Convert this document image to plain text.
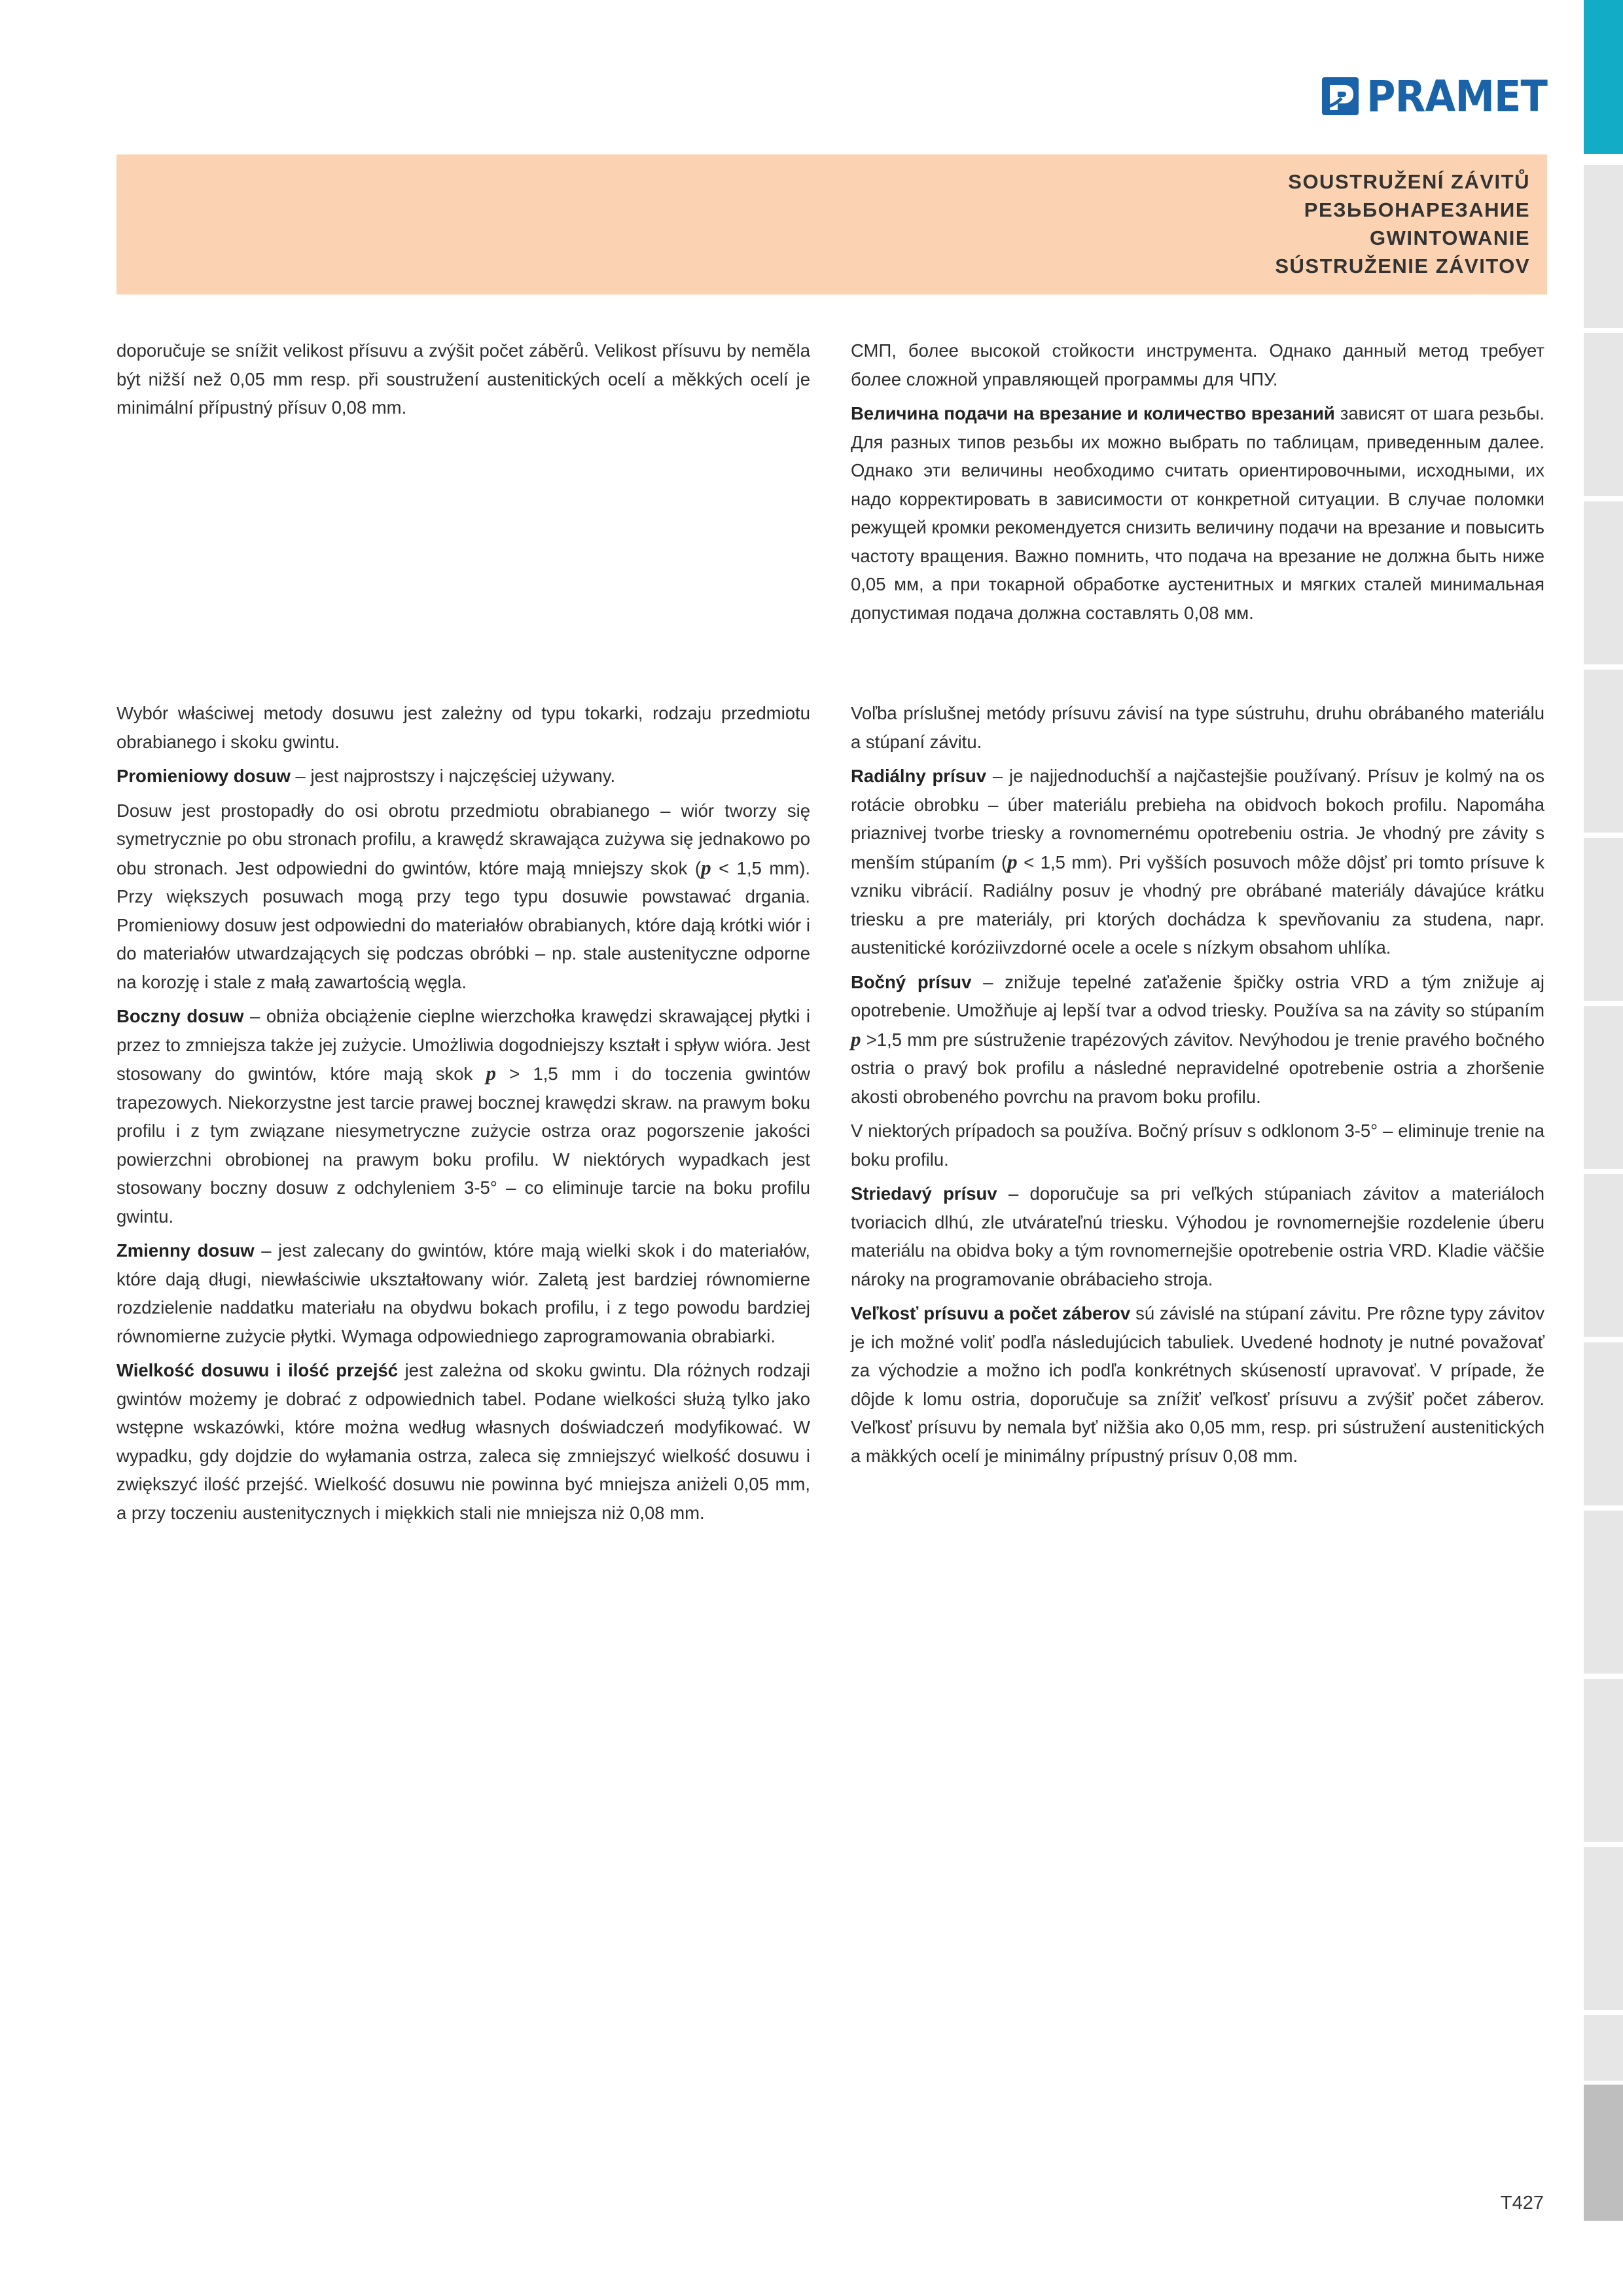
PRAMET
SOUSTRUŽENÍ ZÁVITŮ
РЕЗЬБОНАРЕЗАНИЕ
GWINTOWANIE
SÚSTRUŽENIE ZÁVITOV

doporučuje se snížit velikost přísuvu a zvýšit počet záběrů. Velikost přísuvu by neměla být nižší než 0,05 mm resp. při soustružení austenitických ocelí a měkkých ocelí je minimální přípustný přísuv 0,08 mm.

СМП, более высокой стойкости инструмента. Однако данный метод требует более сложной управляющей программы для ЧПУ.

Величина подачи на врезание и количество врезаний зависят от шага резьбы. Для разных типов резьбы их можно выбрать по таблицам, приведенным далее. Однако эти величины необходимо считать ориентировочными, исходными, их надо корректировать в зависимости от конкретной ситуации. В случае поломки режущей кромки рекомендуется снизить величину подачи на врезание и повысить частоту вращения. Важно помнить, что подача на врезание не должна быть ниже 0,05 мм, а при токарной обработке аустенитных и мягких сталей минимальная допустимая подача должна составлять 0,08 мм.

Wybór właściwej metody dosuwu jest zależny od typu tokarki, rodzaju przedmiotu obrabianego i skoku gwintu.

Promieniowy dosuw – jest najprostszy i najczęściej używany.

Dosuw jest prostopadły do osi obrotu przedmiotu obrabianego – wiór tworzy się symetrycznie po obu stronach profilu, a krawędź skrawająca zużywa się jednakowo po obu stronach. Jest odpowiedni do gwintów, które mają mniejszy skok (p < 1,5 mm). Przy większych posuwach mogą przy tego typu dosuwie powstawać drgania. Promieniowy dosuw jest odpowiedni do materiałów obrabianych, które dają krótki wiór i do materiałów utwardzających się podczas obróbki – np. stale austenityczne odporne na korozję i stale z małą zawartością węgla.

Boczny dosuw – obniża obciążenie cieplne wierzchołka krawędzi skrawającej płytki i przez to zmniejsza także jej zużycie. Umożliwia dogodniejszy kształt i spływ wióra. Jest stosowany do gwintów, które mają skok p > 1,5 mm i do toczenia gwintów trapezowych. Niekorzystne jest tarcie prawej bocznej krawędzi skraw. na prawym boku profilu i z tym związane niesymetryczne zużycie ostrza oraz pogorszenie jakości powierzchni obrobionej na prawym boku profilu. W niektórych wypadkach jest stosowany boczny dosuw z odchyleniem 3-5° – co eliminuje tarcie na boku profilu gwintu.

Zmienny dosuw – jest zalecany do gwintów, które mają wielki skok i do materiałów, które dają długi, niewłaściwie ukształtowany wiór. Zaletą jest bardziej równomierne rozdzielenie naddatku materiału na obydwu bokach profilu, i z tego powodu bardziej równomierne zużycie płytki. Wymaga odpowiedniego zaprogramowania obrabiarki.

Wielkość dosuwu i ilość przejść jest zależna od skoku gwintu. Dla różnych rodzaji gwintów możemy je dobrać z odpowiednich tabel. Podane wielkości służą tylko jako wstępne wskazówki, które można według własnych doświadczeń modyfikować. W wypadku, gdy dojdzie do wyłamania ostrza, zaleca się zmniejszyć wielkość dosuwu i zwiększyć ilość przejść. Wielkość dosuwu nie powinna być mniejsza aniżeli 0,05 mm, a przy toczeniu austenitycznych i miękkich stali nie mniejsza niż 0,08 mm.

Voľba príslušnej metódy prísuvu závisí na type sústruhu, druhu obrábaného materiálu a stúpaní závitu.

Radiálny prísuv – je najjednoduchší a najčastejšie používaný. Prísuv je kolmý na os rotácie obrobku – úber materiálu prebieha na obidvoch bokoch profilu. Napomáha priaznivej tvorbe triesky a rovnomernému opotrebeniu ostria. Je vhodný pre závity s menším stúpaním (p < 1,5 mm). Pri vyšších posuvoch môže dôjsť pri tomto prísuve k vzniku vibrácií. Radiálny posuv je vhodný pre obrábané materiály dávajúce krátku triesku a pre materiály, pri ktorých dochádza k spevňovaniu za studena, napr. austenitické koróziivzdorné ocele a ocele s nízkym obsahom uhlíka.

Bočný prísuv – znižuje tepelné zaťaženie špičky ostria VRD a tým znižuje aj opotrebenie. Umožňuje aj lepší tvar a odvod triesky. Používa sa na závity so stúpaním p >1,5 mm pre sústruženie trapézových závitov. Nevýhodou je trenie pravého bočného ostria o pravý bok profilu a následné nepravidelné opotrebenie ostria a zhoršenie akosti obrobeného povrchu na pravom boku profilu.

V niektorých prípadoch sa používa. Bočný prísuv s odklonom 3-5° – eliminuje trenie na boku profilu.

Striedavý prísuv – doporučuje sa pri veľkých stúpaniach závitov a materiáloch tvoriacich dlhú, zle utvárateľnú triesku. Výhodou je rovnomernejšie rozdelenie úberu materiálu na obidva boky a tým rovnomernejšie opotrebenie ostria VRD. Kladie väčšie nároky na programovanie obrábacieho stroja.

Veľkosť prísuvu a počet záberov sú závislé na stúpaní závitu. Pre rôzne typy závitov je ich možné voliť podľa následujúcich tabuliek. Uvedené hodnoty je nutné považovať za východzie a možno ich podľa konkrétnych skúseností upravovať. V prípade, že dôjde k lomu ostria, doporučuje sa znížiť veľkosť prísuvu a zvýšiť počet záberov. Veľkosť prísuvu by nemala byť nižšia ako 0,05 mm, resp. pri sústružení austenitických a mäkkých ocelí je minimálny prípustný prísuv 0,08 mm.

T427
